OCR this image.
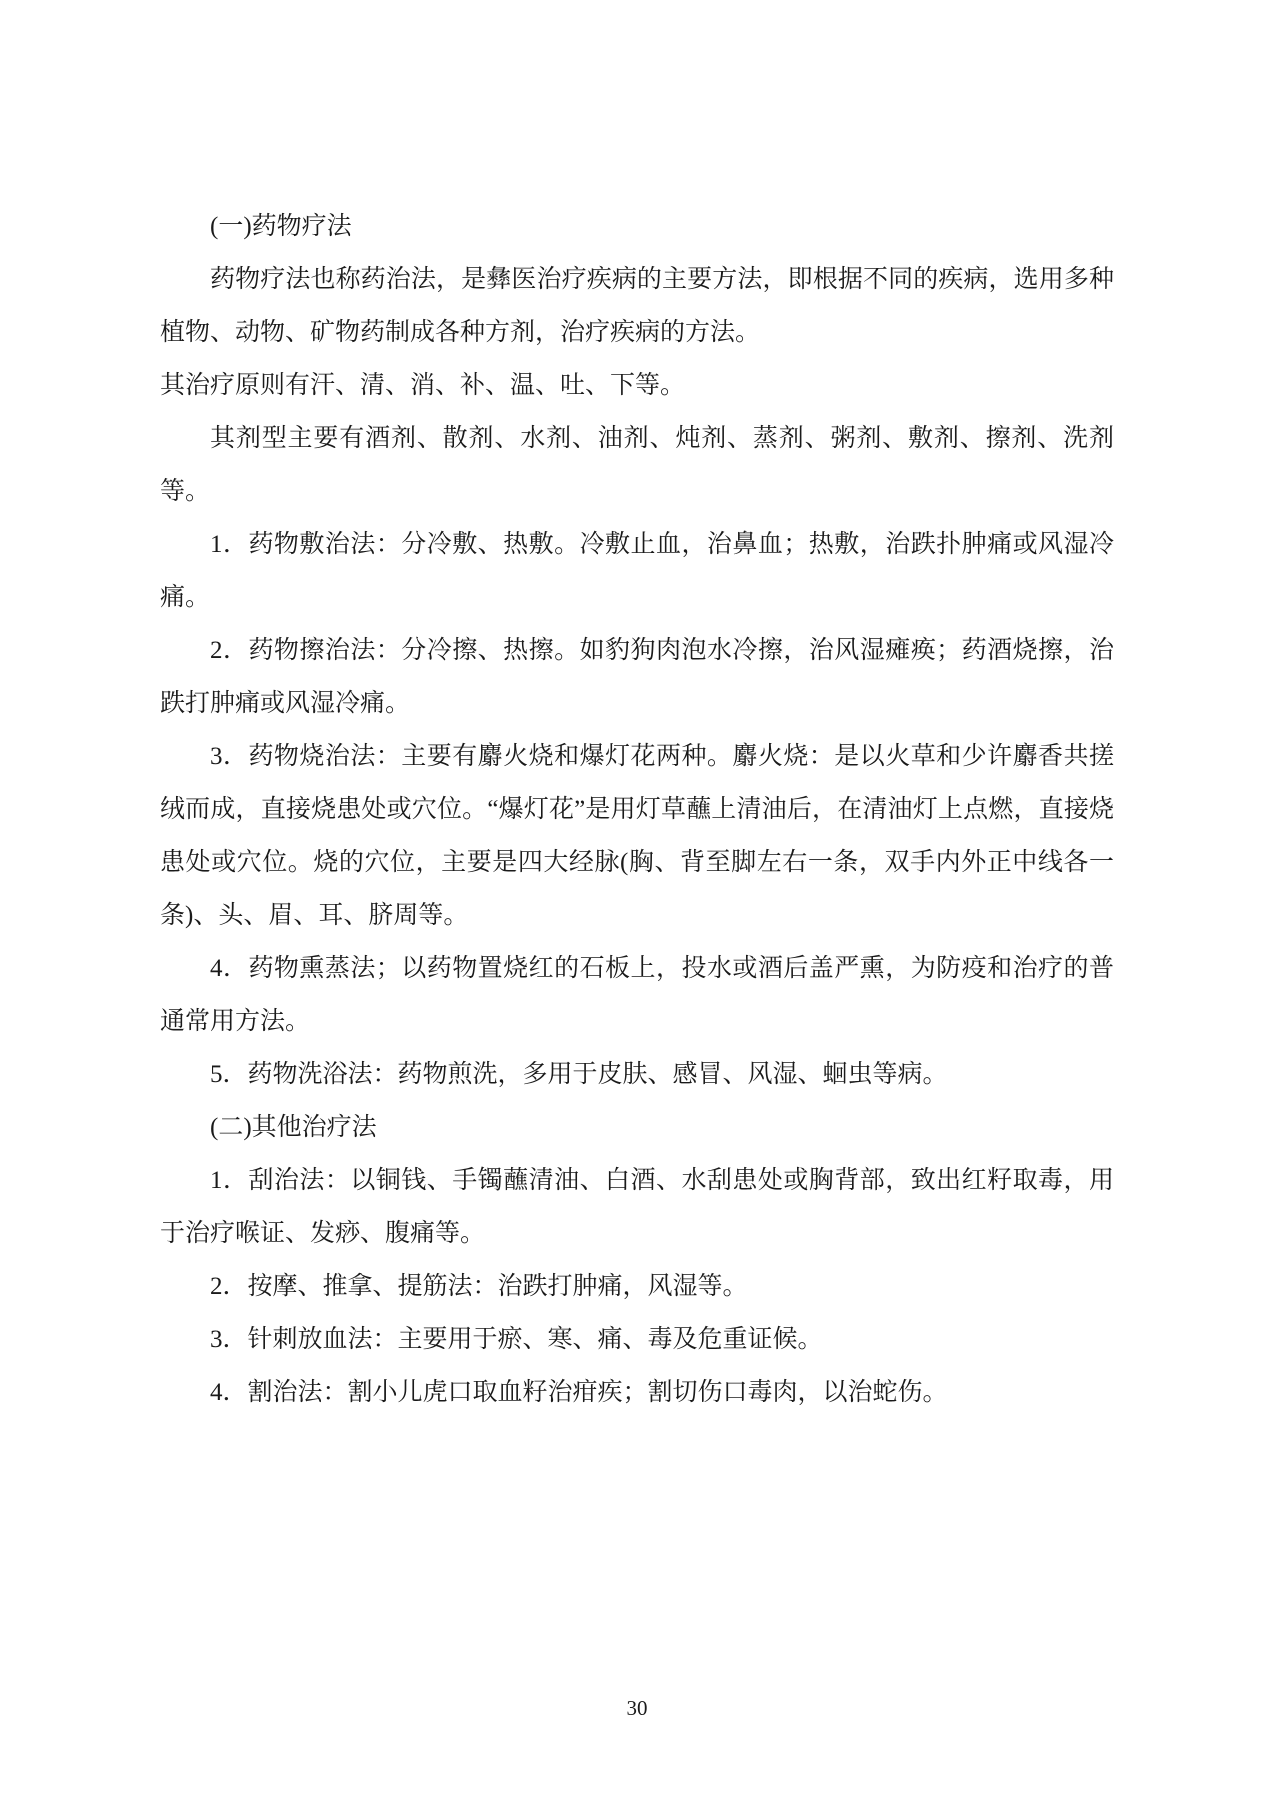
(一)药物疗法

药物疗法也称药治法，是彝医治疗疾病的主要方法，即根据不同的疾病，选用多种植物、动物、矿物药制成各种方剂，治疗疾病的方法。

其治疗原则有汗、清、消、补、温、吐、下等。

其剂型主要有酒剂、散剂、水剂、油剂、炖剂、蒸剂、粥剂、敷剂、擦剂、洗剂等。

1．药物敷治法：分冷敷、热敷。冷敷止血，治鼻血；热敷，治跌扑肿痛或风湿冷痛。

2．药物擦治法：分冷擦、热擦。如豹狗肉泡水冷擦，治风湿瘫痪；药酒烧擦，治跌打肿痛或风湿冷痛。

3．药物烧治法：主要有麝火烧和爆灯花两种。麝火烧：是以火草和少许麝香共搓绒而成，直接烧患处或穴位。“爆灯花”是用灯草蘸上清油后，在清油灯上点燃，直接烧患处或穴位。烧的穴位，主要是四大经脉(胸、背至脚左右一条，双手内外正中线各一条)、头、眉、耳、脐周等。

4．药物熏蒸法；以药物置烧红的石板上，投水或酒后盖严熏，为防疫和治疗的普通常用方法。

5．药物洗浴法：药物煎洗，多用于皮肤、感冒、风湿、蛔虫等病。

(二)其他治疗法

1．刮治法：以铜钱、手镯蘸清油、白酒、水刮患处或胸背部，致出红籽取毒，用于治疗喉证、发痧、腹痛等。

2．按摩、推拿、提筋法：治跌打肿痛，风湿等。

3．针刺放血法：主要用于瘀、寒、痛、毒及危重证候。

4．割治法：割小儿虎口取血籽治疳疾；割切伤口毒肉，以治蛇伤。

30
